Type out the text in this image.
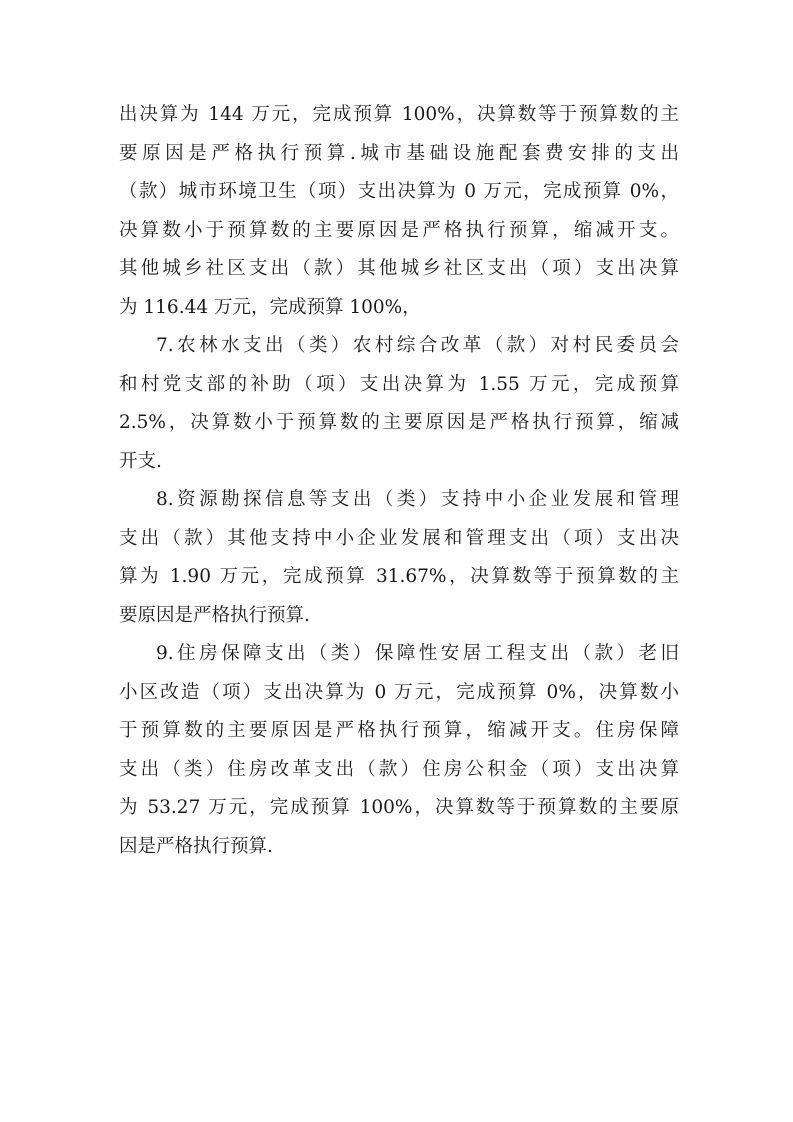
出决算为 144 万元，完成预算 100%，决算数等于预算数的主
要原因是严格执行预算.城市基础设施配套费安排的支出
（款）城市环境卫生（项）支出决算为 0 万元，完成预算 0%，
决算数小于预算数的主要原因是严格执行预算，缩减开支。
其他城乡社区支出（款）其他城乡社区支出（项）支出决算
为 116.44 万元，完成预算 100%，
7.农林水支出（类）农村综合改革（款）对村民委员会
和村党支部的补助（项）支出决算为 1.55 万元，完成预算
2.5%，决算数小于预算数的主要原因是严格执行预算，缩减
开支.
8.资源勘探信息等支出（类）支持中小企业发展和管理
支出（款）其他支持中小企业发展和管理支出（项）支出决
算为 1.90 万元，完成预算 31.67%，决算数等于预算数的主
要原因是严格执行预算.
9.住房保障支出（类）保障性安居工程支出（款）老旧
小区改造（项）支出决算为 0 万元，完成预算 0%，决算数小
于预算数的主要原因是严格执行预算，缩减开支。住房保障
支出（类）住房改革支出（款）住房公积金（项）支出决算
为 53.27 万元，完成预算 100%，决算数等于预算数的主要原
因是严格执行预算.
